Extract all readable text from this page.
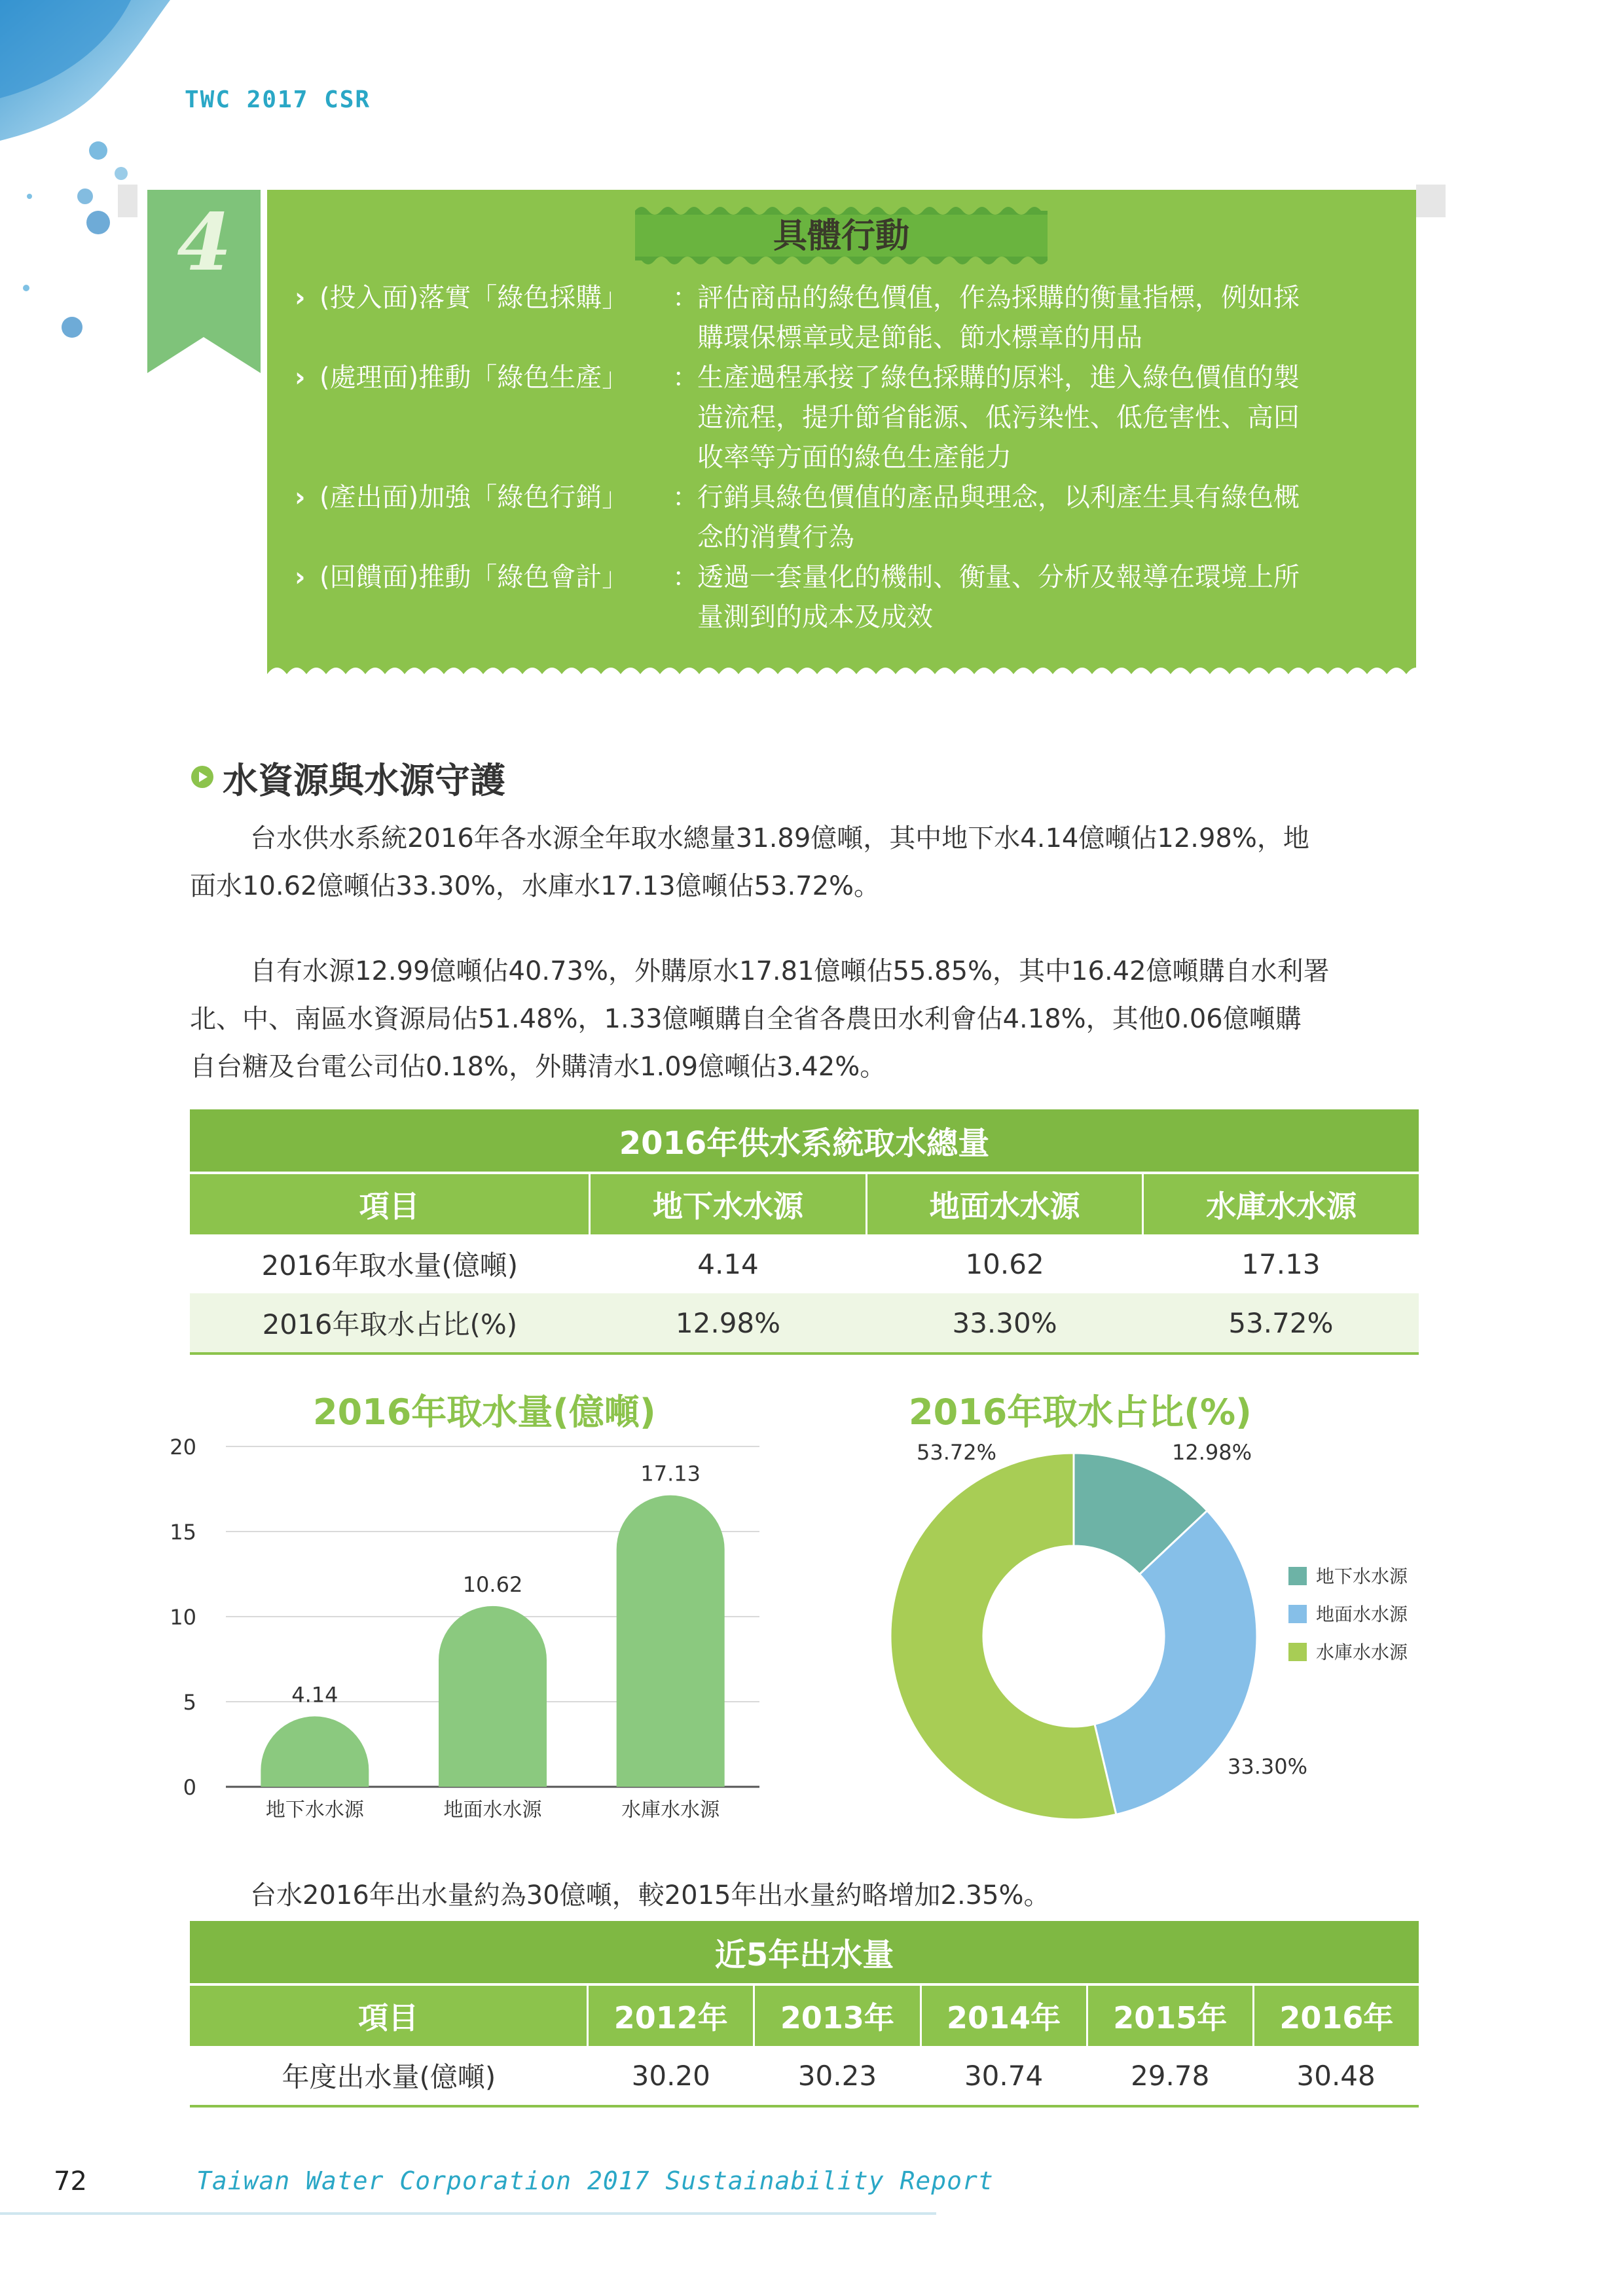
TWC 2017 CSR
4	具體行動
› (投入面)落實「綠色採購」 ：
評估商品的綠色價值，作為採購的衡量指標，例如採
購環保標章或是節能、節水標章的用品
› (處理面)推動「綠色生產」 ：
生產過程承接了綠色採購的原料，進入綠色價值的製
造流程，提升節省能源、低污染性、低危害性、高回
收率等方面的綠色生產能力
› (產出面)加強「綠色行銷」 ：
行銷具綠色價值的產品與理念，以利產生具有綠色概
念的消費行為
› (回饋面)推動「綠色會計」 ：
透過一套量化的機制、衡量、分析及報導在環境上所
量測到的成本及成效
水資源與水源守護
台水供水系統2016年各水源全年取水總量31.89億噸，其中地下水4.14億噸佔12.98%，地
面水10.62億噸佔33.30%，水庫水17.13億噸佔53.72%。
自有水源12.99億噸佔40.73%，外購原水17.81億噸佔55.85%，其中16.42億噸購自水利署
北、中、南區水資源局佔51.48%，1.33億噸購自全省各農田水利會佔4.18%，其他0.06億噸購
自台糖及台電公司佔0.18%，外購清水1.09億噸佔3.42%。
2016年供水系統取水總量			
項目	地下水水源	地面水水源	水庫水水源
2016年取水量(億噸)	4.14	10.62	17.13
2016年取水占比(%)	12.98%	33.30%	53.72%
2016年取水量(億噸)	2016年取水占比(%)
0
5
10
15
20
4.14
地下水水源
10.62
地面水水源
17.13
水庫水水源
12.98%
33.30%
53.72%
地下水水源
地面水水源
水庫水水源
台水2016年出水量約為30億噸，較2015年出水量約略增加2.35%。
近5年出水量					
項目	2012年	2013年	2014年	2015年	2016年
年度出水量(億噸)	30.20	30.23	30.74	29.78	30.48
72	Taiwan Water Corporation 2017 Sustainability Report
